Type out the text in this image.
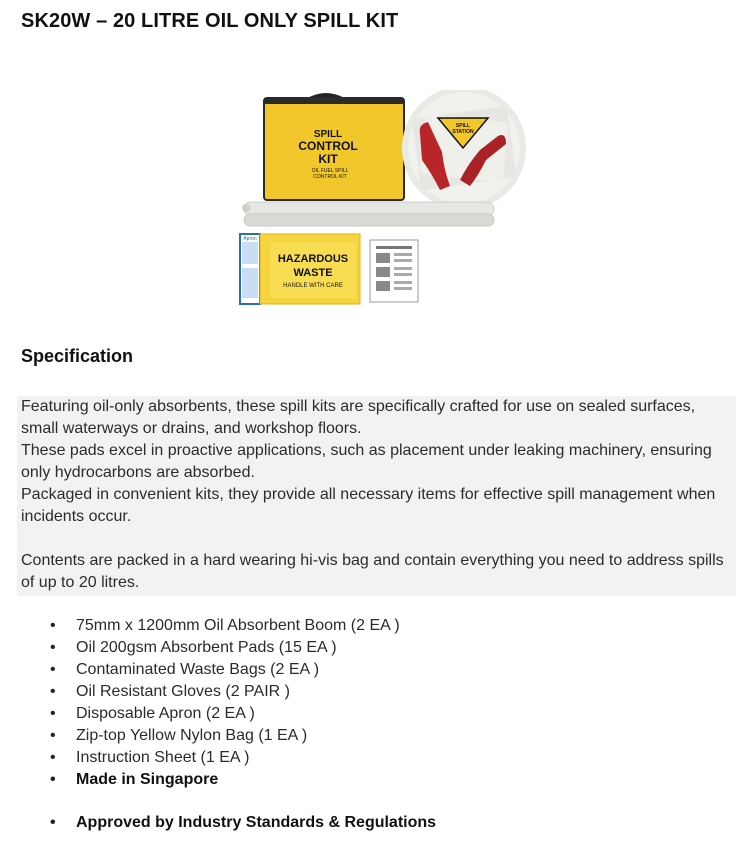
SK20W – 20 LITRE OIL ONLY SPILL KIT
SPILL
CONTROL
KIT
OIL FUEL SPILL
CONTROL KIT
SPILL
STATION
Apron
HAZARDOUS
WASTE
HANDLE WITH CARE
Specification

Featuring oil-only absorbents, these spill kits are specifically crafted for use on sealed surfaces, small waterways or drains, and workshop floors.

These pads excel in proactive applications, such as placement under leaking machinery, ensuring only hydrocarbons are absorbed.

Packaged in convenient kits, they provide all necessary items for effective spill management when incidents occur.

Contents are packed in a hard wearing hi-vis bag and contain everything you need to address spills of up to 20 litres.

• 75mm x 1200mm Oil Absorbent Boom (2 EA )
• Oil 200gsm Absorbent Pads (15 EA )
• Contaminated Waste Bags (2 EA )
• Oil Resistant Gloves (2 PAIR )
• Disposable Apron (2 EA )
• Zip-top Yellow Nylon Bag (1 EA )
• Instruction Sheet (1 EA )
• Made in Singapore
• Approved by Industry Standards & Regulations
